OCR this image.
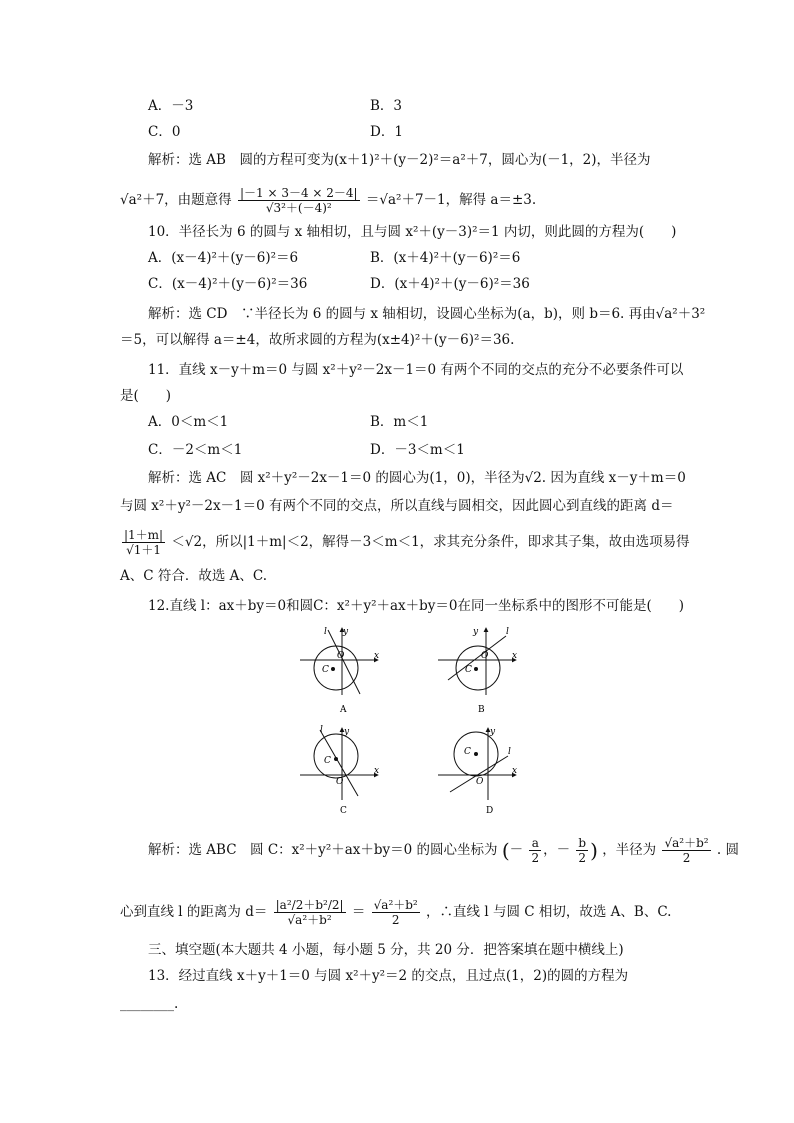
A．－3	B．3
C．0	D．1
解析：选 AB　圆的方程可变为(x＋1)²＋(y－2)²＝a²＋7，圆心为(－1，2)，半径为
√a²＋7，由题意得 $\frac{|-1 \times 3-4 \times 2-4|}{\text{√3²＋(－4)²}} =√a^2+7-1$，解得 a＝±3.
10．半径长为 6 的圆与 x 轴相切，且与圆 x²＋(y－3)²＝1 内切，则此圆的方程为(　　)
A．(x－4)²＋(y－6)²＝6	B．(x＋4)²＋(y－6)²＝6
C．(x－4)²＋(y－6)²＝36	D．(x＋4)²＋(y－6)²＝36
解析：选 CD　∵半径长为 6 的圆与 x 轴相切，设圆心坐标为(a，b)，则 b＝6. 再由√a²＋3²
＝5，可以解得 a＝±4，故所求圆的方程为(x±4)²＋(y－6)²＝36.
11．直线 x－y＋m＝0 与圆 x²＋y²－2x－1＝0 有两个不同的交点的充分不必要条件可以
是(　　)
A．0＜m＜1	B．m＜1
C．－2＜m＜1	D．－3＜m＜1
解析：选 AC　圆 x²＋y²－2x－1＝0 的圆心为(1，0)，半径为√2. 因为直线 x－y＋m＝0
与圆 x²＋y²－2x－1＝0 有两个不同的交点，所以直线与圆相交，因此圆心到直线的距离 d＝
$\frac{|1+m|}{√1+1} <√2$，所以|1＋m|＜2，解得－3＜m＜1，求其充分条件，即求其子集，故由选项易得
A、C 符合．故选 A、C.
12.直线 l：ax＋by＝0和圆C：x²＋y²＋ax＋by＝0在同一坐标系中的图形不可能是(　　)
l y
O	x
C
A
y	l
O	x
C
B
l y
C
O
x
C
y
C	l
O
x
D
解析：选 ABC　圆 C：x²＋y²＋ax＋by＝0 的圆心坐标为 (－ $\frac{a}{2}$ ，－ $\frac{b}{2}$ ) ，半径为 $\frac{\text{√a²＋b²}}{2}$ . 圆
心到直线 l 的距离为 $d= \frac{\text{|a²/2＋b²/2|}}{\text{√a²＋b²}} = \frac{\text{√a²＋b²}}{2}$ ，∴直线 l 与圆 C 相切，故选 A、B、C.
三、填空题(本大题共 4 小题，每小题 5 分，共 20 分．把答案填在题中横线上)
13．经过直线 x＋y＋1＝0 与圆 x²＋y²＝2 的交点，且过点(1，2)的圆的方程为
________.
